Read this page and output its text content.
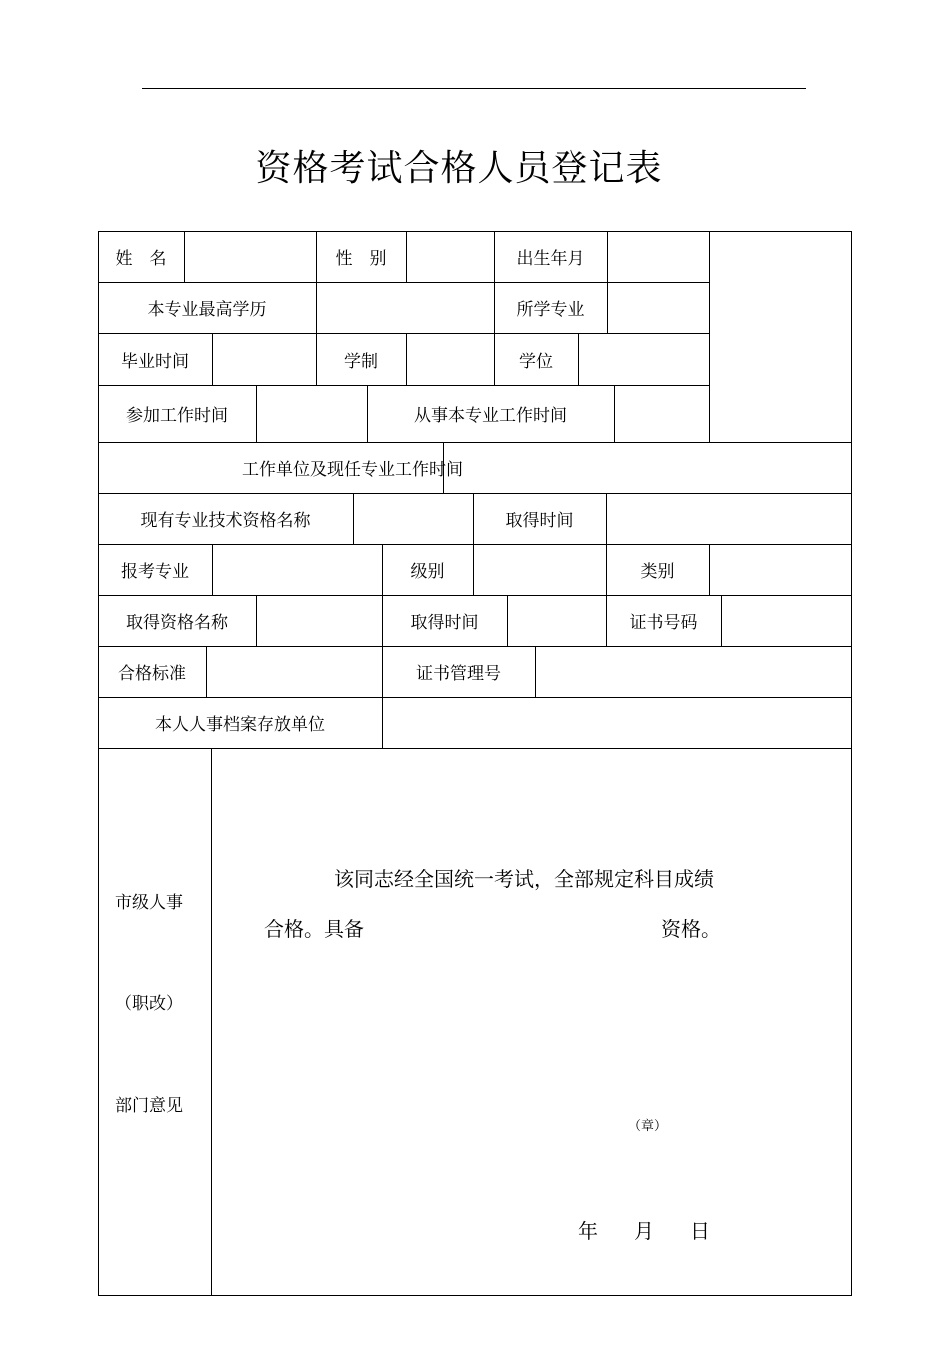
资格考试合格人员登记表
姓　名	性　别	出生年月
本专业最高学历	所学专业
毕业时间	学制	学位
参加工作时间	从事本专业工作时间
工作单位及现任专业工作时间
现有专业技术资格名称	取得时间
报考专业	级别	类别
取得资格名称	取得时间	证书号码
合格标准	证书管理号
本人人事档案存放单位
市级人事
（职改）
部门意见
该同志经全国统一考试，全部规定科目成绩
合格。具备	资格。
（章）
年 月 日
